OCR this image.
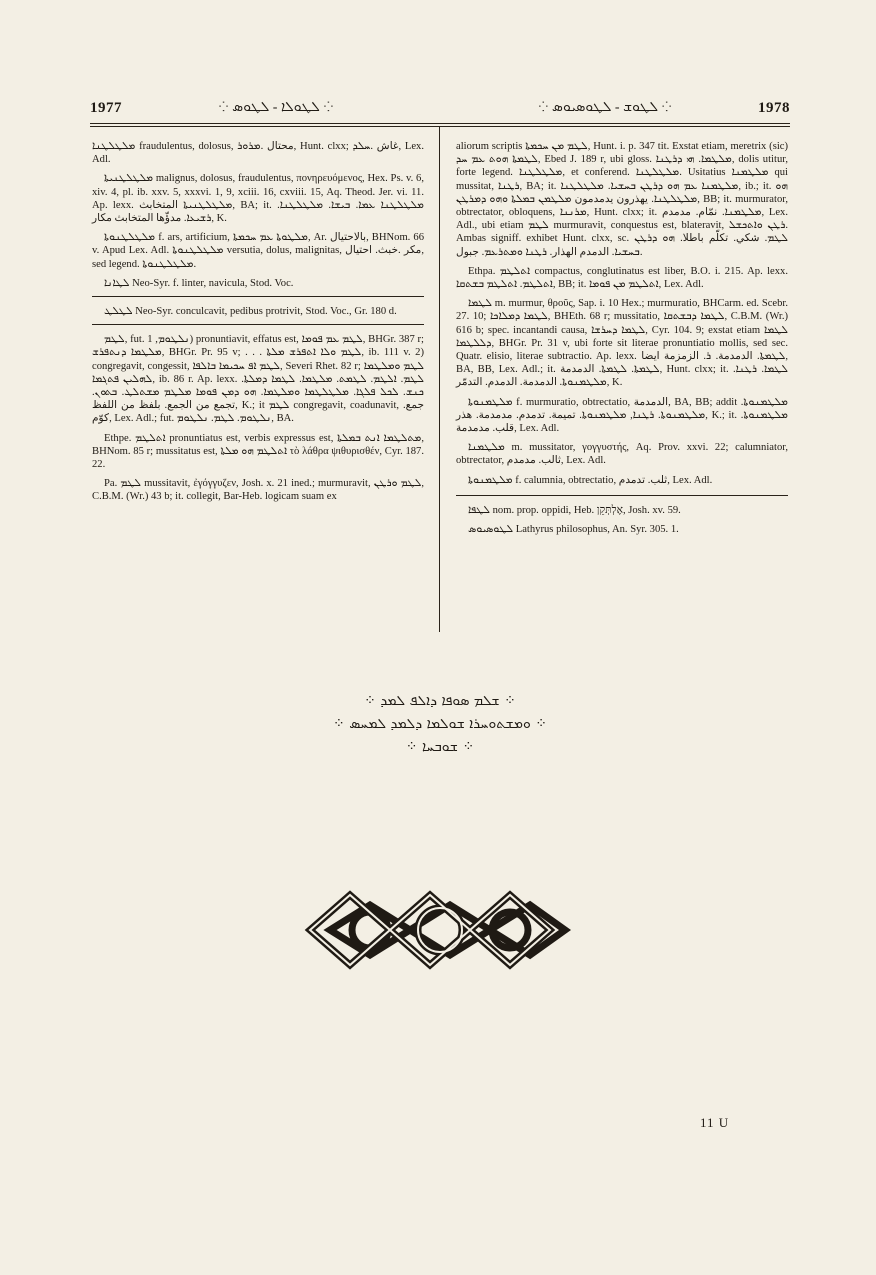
1977	⁘ ܠܛܘܠܐ - ܠܛܘܣ ⁘	⁘ ܠܛܘܫ - ܠܛܘܣܝܘܣ ⁘	1978

ܡܠܛܠܛܢܐ fraudulentus, dolosus, محتال .ܡܪܘܪ, Hunt. clxx; غاش .ܚܠܕ, Lex. Adl.

ܡܠܛܠܛܢܝܬܐ malignus, dolosus, fraudulentus, πονηρευόμενος, Hex. Ps. v. 6, xiv. 4, pl. ib. xxv. 5, xxxvi. 1, 9, xciii. 16, cxviii. 15, Aq. Theod. Jer. vi. 11. Ap. lexx. ܡܠܛܠܛܢܝܬܐ المتخابث, BA; it. ܡܠܛܠܛܢܐ ܥܡܐ. ܒܝܫܐ. ܡܠܛܠܛܢܐ. ܪܫܝܥܐ. مدؤّها المتخابث مكار, K.

ܡܠܛܠܛܢܘܬܐ f. ars, artificium, ܡܠܛܘܬܐ ܥܡ ܚܟܡܬܐ, Ar. بالاحتيال, BHNom. 66 v. Apud Lex. Adl. ܡܠܛܠܛܢܘܬܐ versutia, dolus, malignitas, مكر .خبث. احتيال, sed legend. ܡܠܛܠܛܢܘܬܐ.

ܠܛܐܢܐ Neo-Syr. f. linter, navicula, Stod. Voc.

ܠܛܠܛ Neo-Syr. conculcavit, pedibus protrivit, Stod. Voc., Gr. 180 d.

ܠܛܡ, fut. ܢܠܛܘܡ, 1) pronuntiavit, effatus est, ܠܛܡ ܥܡ ܦܘܡܐ, BHGr. 387 r; ܡܠܛܡܐ ܕܢܬܦܪܫ, BHGr. Pr. 95 v; . . . ܠܛܡ ܘܠܐ ܐܬܦܪܫ ܡܠܬܐ, ib. 111 v. 2) congregavit, congessit, ܠܛܡ ܐܦ ܚܟܝܡܐ ܒܐܠܦܐ, Severi Rhet. 82 r; ܠܛܡ ܘܡܠܛܡܐ ܠܗܠܝܢ ܦܬܓܡܐ, ib. 86 r. Ap. lexx. ܠܛܡ. ܐܠܛܡ. ܠܛܡܬ. ܡܠܛܡܐ. ܠܛܡܐ ܕܡܠܬܐ. ܟܢܫ. ܠܟܠ ܦܠܓܐ. ܡܠܛܠܛܡܐ ܘܡܠܛܡܐ. ܗܘ ܕܡܢ ܦܘܡܐ ܡܠܛܡ ܡܫܬܠܛ. ܒܬܘܢ. تجمع من الجمع. بلفظ من اللفظ, K.; it ܠܛܡ congregavit, coadunavit, جمع. كوّم, Lex. Adl.; fut. ܢܠܛܘܡ. ܠܛܡ. ܢܠܛܘܡ, BA.

Ethpe. ܐܬܠܛܡ pronuntiatus est, verbis expressus est, ܡܬܠܛܡܐ ܐܢܬ ܒܡܠܬܐ, BHNom. 85 r; mussitatus est, ܐܬܠܛܡ ܗܘ ܡܠܬܐ τὸ λάθρα ψιθυρισθέν, Cyr. 187. 22.

Pa. ܠܛܡ mussitavit, ἐγόγγυζεν, Josh. x. 21 ined.; murmuravit, ܠܛܡ ܘܪܛܢ, C.B.M. (Wr.) 43 b; it. collegit, Bar-Heb. logicam suam ex

aliorum scriptis ܠܛܡ ܡܢ ܚܟܡܬܐ, Hunt. i. p. 347 tit. Exstat etiam, meretrix (sic) ܠܛܡܬܐ ܗܘܬ ܥܡ ܚܕ, Ebed J. 189 r, ubi gloss. ܡܠܛܡܐ. ܗܝ ܕܪܛܢܐ, dolis utitur, forte legend. ܡܠܛܠܛܢܐ, et conferend. ܡܠܛܠܛܢܐ. Usitatius ܡܠܛܡܢܐ qui mussitat, ܪܛܢܐ, BA; it. ܡܠܛܡܢܐ ܥܡ ܗܘ ܕܪܛܢ ܒܚܫܝܐ. ܡܠܛܠܛܢܐ, ib.; it. ܗܘ ܡܠܛܠܛܢܐ. يهذرون يدمدمون ܡܠܛܡܢ ܒܡܠܬܐ ܘܗܘ ܕܡܪܛܢ, BB; it. murmurator, obtrectator, obloquens, ܡܪܢܢܐ, Hunt. clxx; it. ܡܠܛܡܢܐ. نمّام. مدمدم, Lex. Adl., ubi etiam ܠܛܡ murmuravit, conquestus est, blateravit, ܪܛܢ ܘܐܬܟܫܠ. Ambas signiff. exhibet Hunt. clxx, sc. ܠܛܡ. شكي. تكلّم باطلا. ܗܘ ܕܪܛܢ ܒܚܫܝܐ. الدمدم الهذار. ܪܛܢܐ ܘܡܬܪܥܡ. جبول.

Ethpa. ܐܬܠܛܡ compactus, conglutinatus est liber, B.O. i. 215. Ap. lexx. ܐܬܠܛܡ. ܐܬܠܛܡ ܒܫܬܩܐ, BB; it. ܐܬܠܛܡ ܡܢ ܦܘܡܐ, Lex. Adl.

ܠܛܡܐ m. murmur, θροῦς, Sap. i. 10 Hex.; murmuratio, BHCarm. ed. Scebr. 27. 10; ܠܛܡܐ ܕܡܠܐܟܐ, BHEth. 68 r; mussitatio, ܠܛܡܐ ܕܒܫܬܩܐ, C.B.M. (Wr.) 616 b; spec. incantandi causa, ܠܛܡܐ ܕܚܪܫܐ, Cyr. 104. 9; exstat etiam ܠܛܡܐ ܕܠܠܛܡܐ, BHGr. Pr. 31 v, ubi forte sit literae pronuntiatio mollis, sed sec. Quatr. elisio, literae subtractio. Ap. lexx. ܠܛܡܬܐ. الدمدمة. ܪ. الزمزمة ايضا, BA, BB, Lex. Adl.; it. ܠܛܡܬܐ. ܠܛܡܬܐ. الدمدمة, Hunt. clxx; it. ܠܛܡܐ. ܪܛܢܐ. ܡܠܛܡܢܘܬܐ. الدمدمة. الدمدم. التدمّر, K.

ܡܠܛܡܢܘܬܐ f. murmuratio, obtrectatio, الدمدمة, BA, BB; addit ܡܠܛܡܢܘܬܐ. ܡܠܛܡܢܘܬܐ. ܪܛܢܐ, ܡܠܛܡܢܘܬܐ. تميمة. تدمدم. مدمدمة. هذر, K.; it. ܡܠܛܡܢܘܬܐ. قلب. مدمدمة, Lex. Adl.

ܡܠܛܡܢܐ m. mussitator, γογγυστής, Aq. Prov. xxvi. 22; calumniator, obtrectator, ثالب. مدمدم, Lex. Adl.

ܡܠܛܡܢܘܬܐ f. calumnia, obtrectatio, ثلب. تدمدم, Lex. Adl.

ܠܛܦܐ nom. prop. oppidi, Heb. אֶלְתְּקֵן, Josh. xv. 59.

ܠܛܘܣܝܘܣ Lathyrus philosophus, An. Syr. 305. 1.

⁘ ܫܠܡ ܣܘܦܐ ܕܐܠܦ ܠܡܕ ⁘
⁘ ܘܡܫܬܘܚܪܐ ܫܘܠܡܐ ܕܠܡܕ ܠܡܚܣ ⁘
⁘ ܫܘܒܚܐ ⁘
11 U
